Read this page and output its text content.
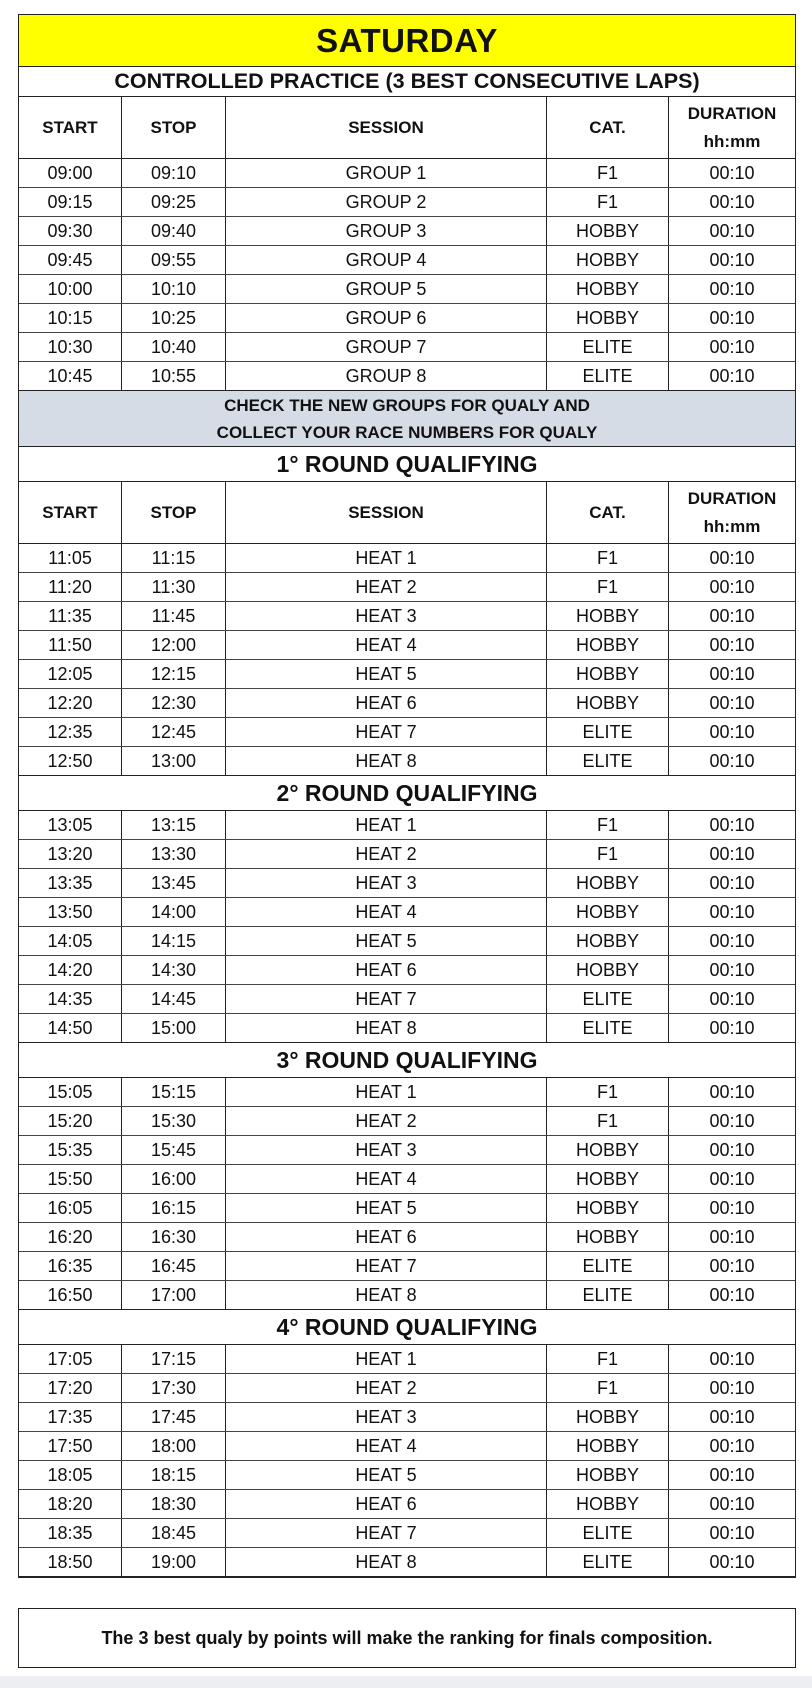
SATURDAY
CONTROLLED PRACTICE (3 BEST CONSECUTIVE LAPS)
START	STOP	SESSION	CAT.
DURATION
hh:mm
09:00	09:10	GROUP 1	F1	00:10
09:15	09:25	GROUP 2	F1	00:10
09:30	09:40	GROUP 3	HOBBY	00:10
09:45	09:55	GROUP 4	HOBBY	00:10
10:00	10:10	GROUP 5	HOBBY	00:10
10:15	10:25	GROUP 6	HOBBY	00:10
10:30	10:40	GROUP 7	ELITE	00:10
10:45	10:55	GROUP 8	ELITE	00:10
CHECK THE NEW GROUPS FOR QUALY AND
COLLECT YOUR RACE NUMBERS FOR QUALY
1° ROUND QUALIFYING
START	STOP	SESSION	CAT.
DURATION
hh:mm
11:05	11:15	HEAT 1	F1	00:10
11:20	11:30	HEAT 2	F1	00:10
11:35	11:45	HEAT 3	HOBBY	00:10
11:50	12:00	HEAT 4	HOBBY	00:10
12:05	12:15	HEAT 5	HOBBY	00:10
12:20	12:30	HEAT 6	HOBBY	00:10
12:35	12:45	HEAT 7	ELITE	00:10
12:50	13:00	HEAT 8	ELITE	00:10
2° ROUND QUALIFYING
13:05	13:15	HEAT 1	F1	00:10
13:20	13:30	HEAT 2	F1	00:10
13:35	13:45	HEAT 3	HOBBY	00:10
13:50	14:00	HEAT 4	HOBBY	00:10
14:05	14:15	HEAT 5	HOBBY	00:10
14:20	14:30	HEAT 6	HOBBY	00:10
14:35	14:45	HEAT 7	ELITE	00:10
14:50	15:00	HEAT 8	ELITE	00:10
3° ROUND QUALIFYING
15:05	15:15	HEAT 1	F1	00:10
15:20	15:30	HEAT 2	F1	00:10
15:35	15:45	HEAT 3	HOBBY	00:10
15:50	16:00	HEAT 4	HOBBY	00:10
16:05	16:15	HEAT 5	HOBBY	00:10
16:20	16:30	HEAT 6	HOBBY	00:10
16:35	16:45	HEAT 7	ELITE	00:10
16:50	17:00	HEAT 8	ELITE	00:10
4° ROUND QUALIFYING
17:05	17:15	HEAT 1	F1	00:10
17:20	17:30	HEAT 2	F1	00:10
17:35	17:45	HEAT 3	HOBBY	00:10
17:50	18:00	HEAT 4	HOBBY	00:10
18:05	18:15	HEAT 5	HOBBY	00:10
18:20	18:30	HEAT 6	HOBBY	00:10
18:35	18:45	HEAT 7	ELITE	00:10
18:50	19:00	HEAT 8	ELITE	00:10
The 3 best qualy by points will make the ranking for finals composition.
